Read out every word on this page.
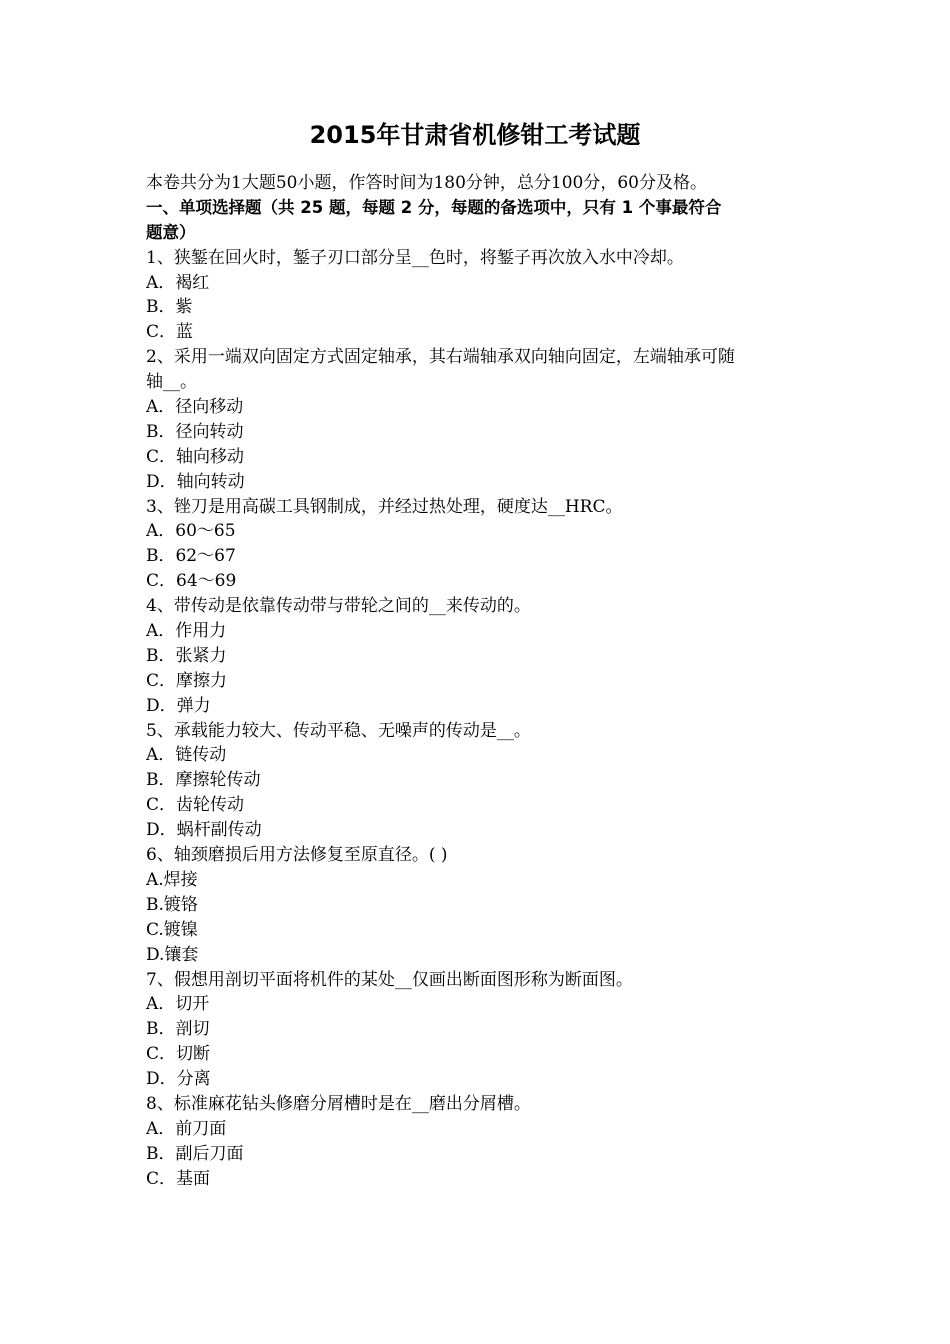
2015年甘肃省机修钳工考试题
本卷共分为1大题50小题，作答时间为180分钟，总分100分，60分及格。
一、单项选择题（共 25 题，每题 2 分，每题的备选项中，只有 1 个事最符合
题意）
1、狭錾在回火时，錾子刃口部分呈__色时，将錾子再次放入水中冷却。
A．褐红
B．紫
C．蓝
2、采用一端双向固定方式固定轴承，其右端轴承双向轴向固定，左端轴承可随
轴__。
A．径向移动
B．径向转动
C．轴向移动
D．轴向转动
3、锉刀是用高碳工具钢制成，并经过热处理，硬度达__HRC。
A．60～65
B．62～67
C．64～69
4、带传动是依靠传动带与带轮之间的__来传动的。
A．作用力
B．张紧力
C．摩擦力
D．弹力
5、承载能力较大、传动平稳、无噪声的传动是__。
A．链传动
B．摩擦轮传动
C．齿轮传动
D．蜗杆副传动
6、轴颈磨损后用方法修复至原直径。( )
A.焊接
B.镀铬
C.镀镍
D.镶套
7、假想用剖切平面将机件的某处__仅画出断面图形称为断面图。
A．切开
B．剖切
C．切断
D．分离
8、标准麻花钻头修磨分屑槽时是在__磨出分屑槽。
A．前刀面
B．副后刀面
C．基面
